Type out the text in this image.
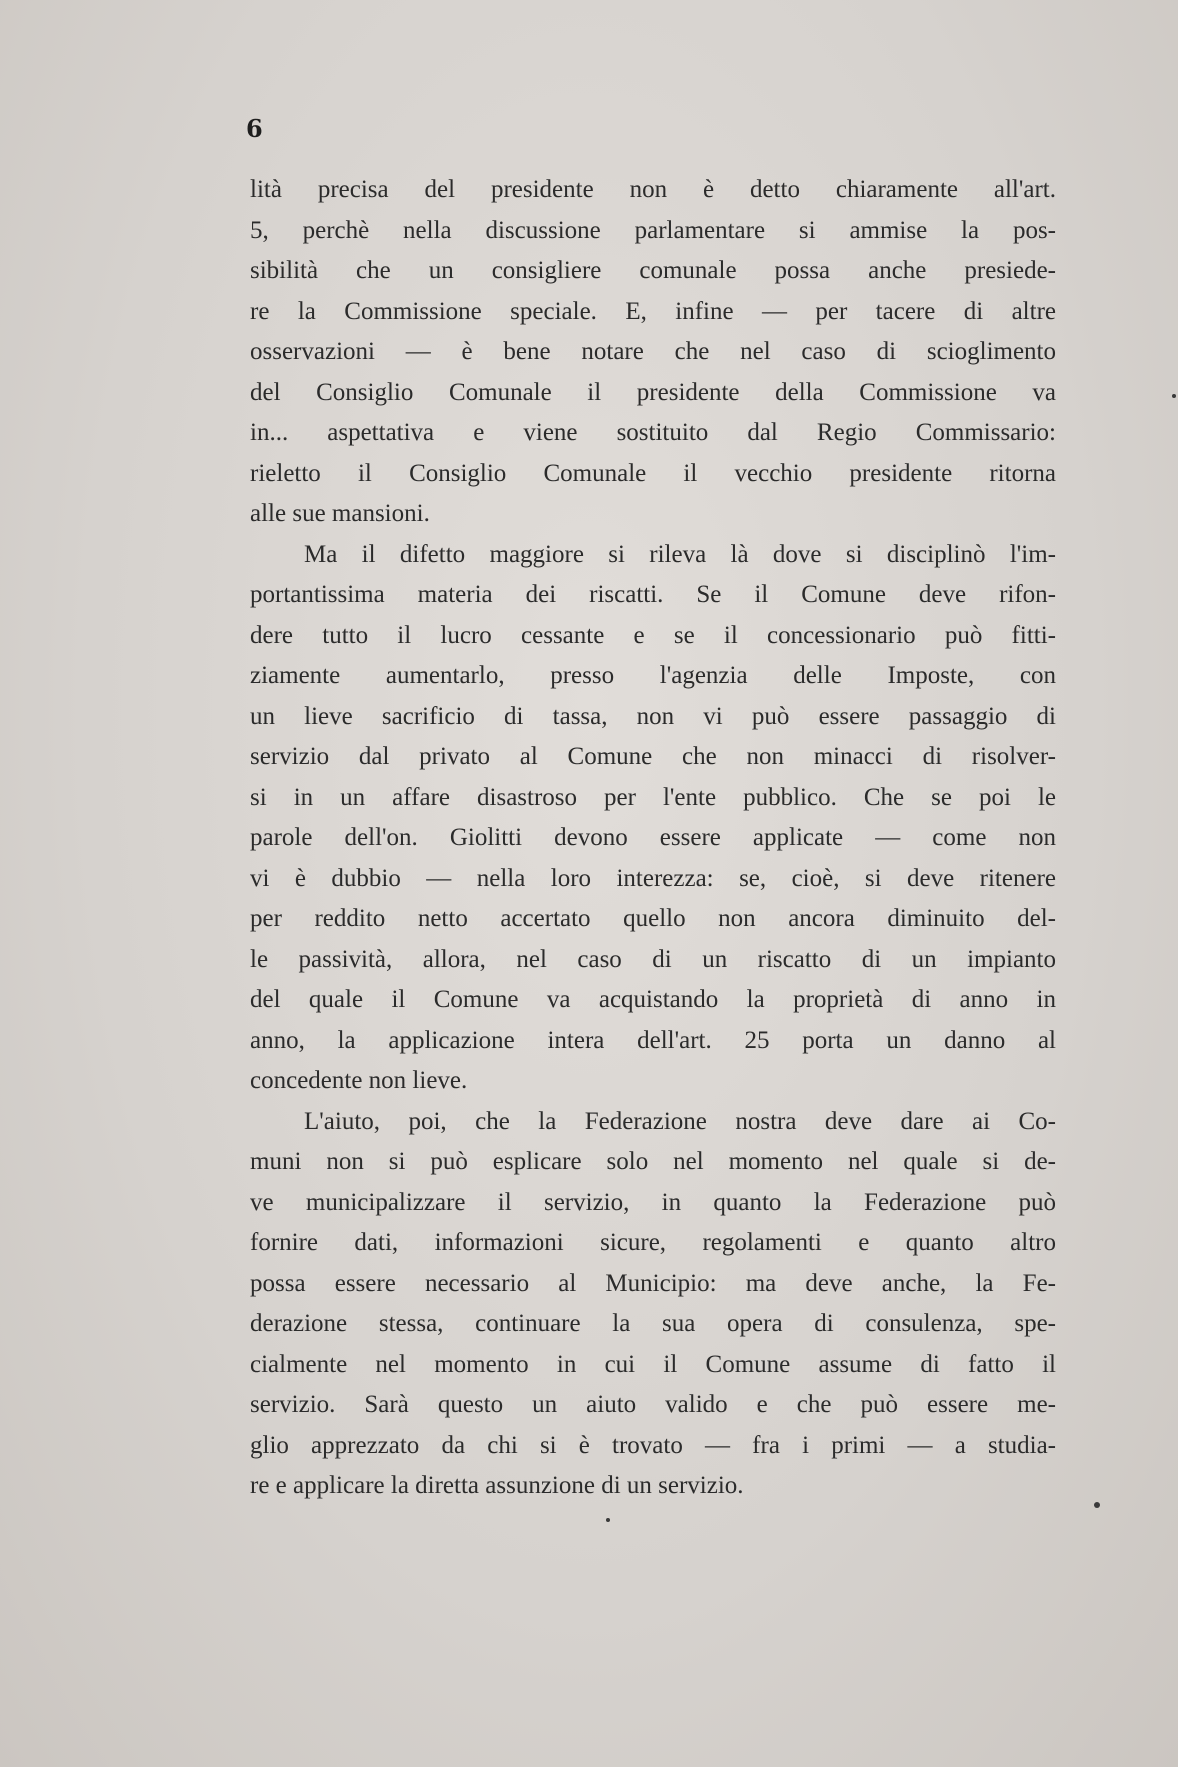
6
lità precisa del presidente non è detto chiaramente all'art.
5, perchè nella discussione parlamentare si ammise la pos-
sibilità che un consigliere comunale possa anche presiede-
re la Commissione speciale. E, infine — per tacere di altre
osservazioni — è bene notare che nel caso di scioglimento
del Consiglio Comunale il presidente della Commissione va
in... aspettativa e viene sostituito dal Regio Commissario:
rieletto il Consiglio Comunale il vecchio presidente ritorna
alle sue mansioni.
Ma il difetto maggiore si rileva là dove si disciplinò l'im-
portantissima materia dei riscatti. Se il Comune deve rifon-
dere tutto il lucro cessante e se il concessionario può fitti-
ziamente aumentarlo, presso l'agenzia delle Imposte, con
un lieve sacrificio di tassa, non vi può essere passaggio di
servizio dal privato al Comune che non minacci di risolver-
si in un affare disastroso per l'ente pubblico. Che se poi le
parole dell'on. Giolitti devono essere applicate — come non
vi è dubbio — nella loro interezza: se, cioè, si deve ritenere
per reddito netto accertato quello non ancora diminuito del-
le passività, allora, nel caso di un riscatto di un impianto
del quale il Comune va acquistando la proprietà di anno in
anno, la applicazione intera dell'art. 25 porta un danno al
concedente non lieve.
L'aiuto, poi, che la Federazione nostra deve dare ai Co-
muni non si può esplicare solo nel momento nel quale si de-
ve municipalizzare il servizio, in quanto la Federazione può
fornire dati, informazioni sicure, regolamenti e quanto altro
possa essere necessario al Municipio: ma deve anche, la Fe-
derazione stessa, continuare la sua opera di consulenza, spe-
cialmente nel momento in cui il Comune assume di fatto il
servizio. Sarà questo un aiuto valido e che può essere me-
glio apprezzato da chi si è trovato — fra i primi — a studia-
re e applicare la diretta assunzione di un servizio.
